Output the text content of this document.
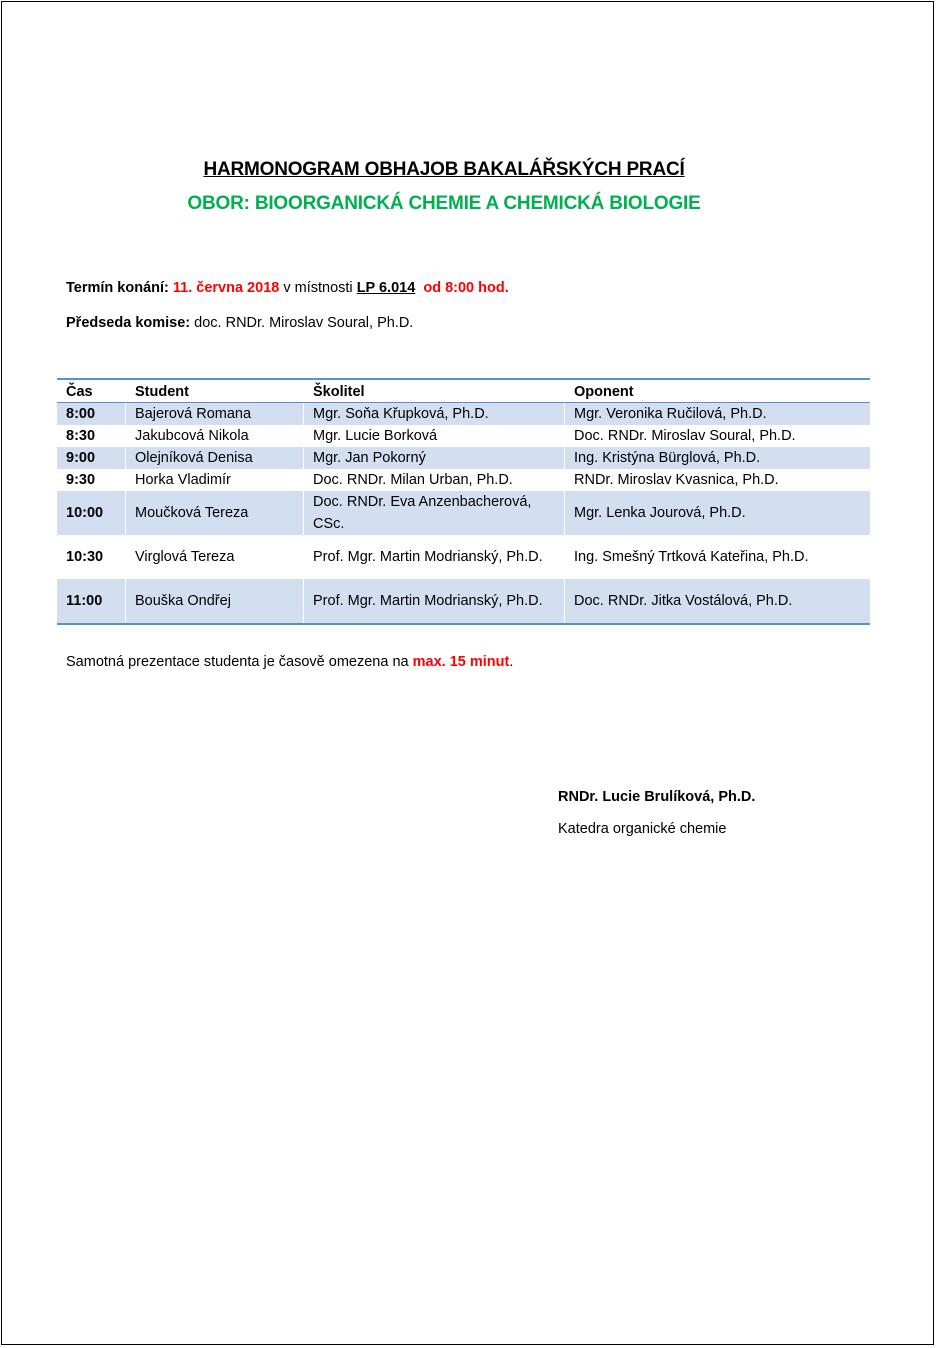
HARMONOGRAM OBHAJOB BAKALÁŘSKÝCH PRACÍ
OBOR: BIOORGANICKÁ CHEMIE A CHEMICKÁ BIOLOGIE
Termín konání: 11. června 2018 v místnosti LP 6.014 od 8:00 hod.
Předseda komise: doc. RNDr. Miroslav Soural, Ph.D.
Čas	Student	Školitel	Oponent
8:00	Bajerová Romana	Mgr. Soňa Křupková, Ph.D.	Mgr. Veronika Ručilová, Ph.D.
8:30	Jakubcová Nikola	Mgr. Lucie Borková	Doc. RNDr. Miroslav Soural, Ph.D.
9:00	Olejníková Denisa	Mgr. Jan Pokorný	Ing. Kristýna Bürglová, Ph.D.
9:30	Horka Vladimír	Doc. RNDr. Milan Urban, Ph.D.	RNDr. Miroslav Kvasnica, Ph.D.
10:00	Moučková Tereza	Doc. RNDr. Eva Anzenbacherová, CSc.	Mgr. Lenka Jourová, Ph.D.
10:30	Virglová Tereza	Prof. Mgr. Martin Modrianský, Ph.D.	Ing. Smešný Trtková Kateřina, Ph.D.
11:00	Bouška Ondřej	Prof. Mgr. Martin Modrianský, Ph.D.	Doc. RNDr. Jitka Vostálová, Ph.D.
Samotná prezentace studenta je časově omezena na max. 15 minut.
RNDr. Lucie Brulíková, Ph.D.
Katedra organické chemie
